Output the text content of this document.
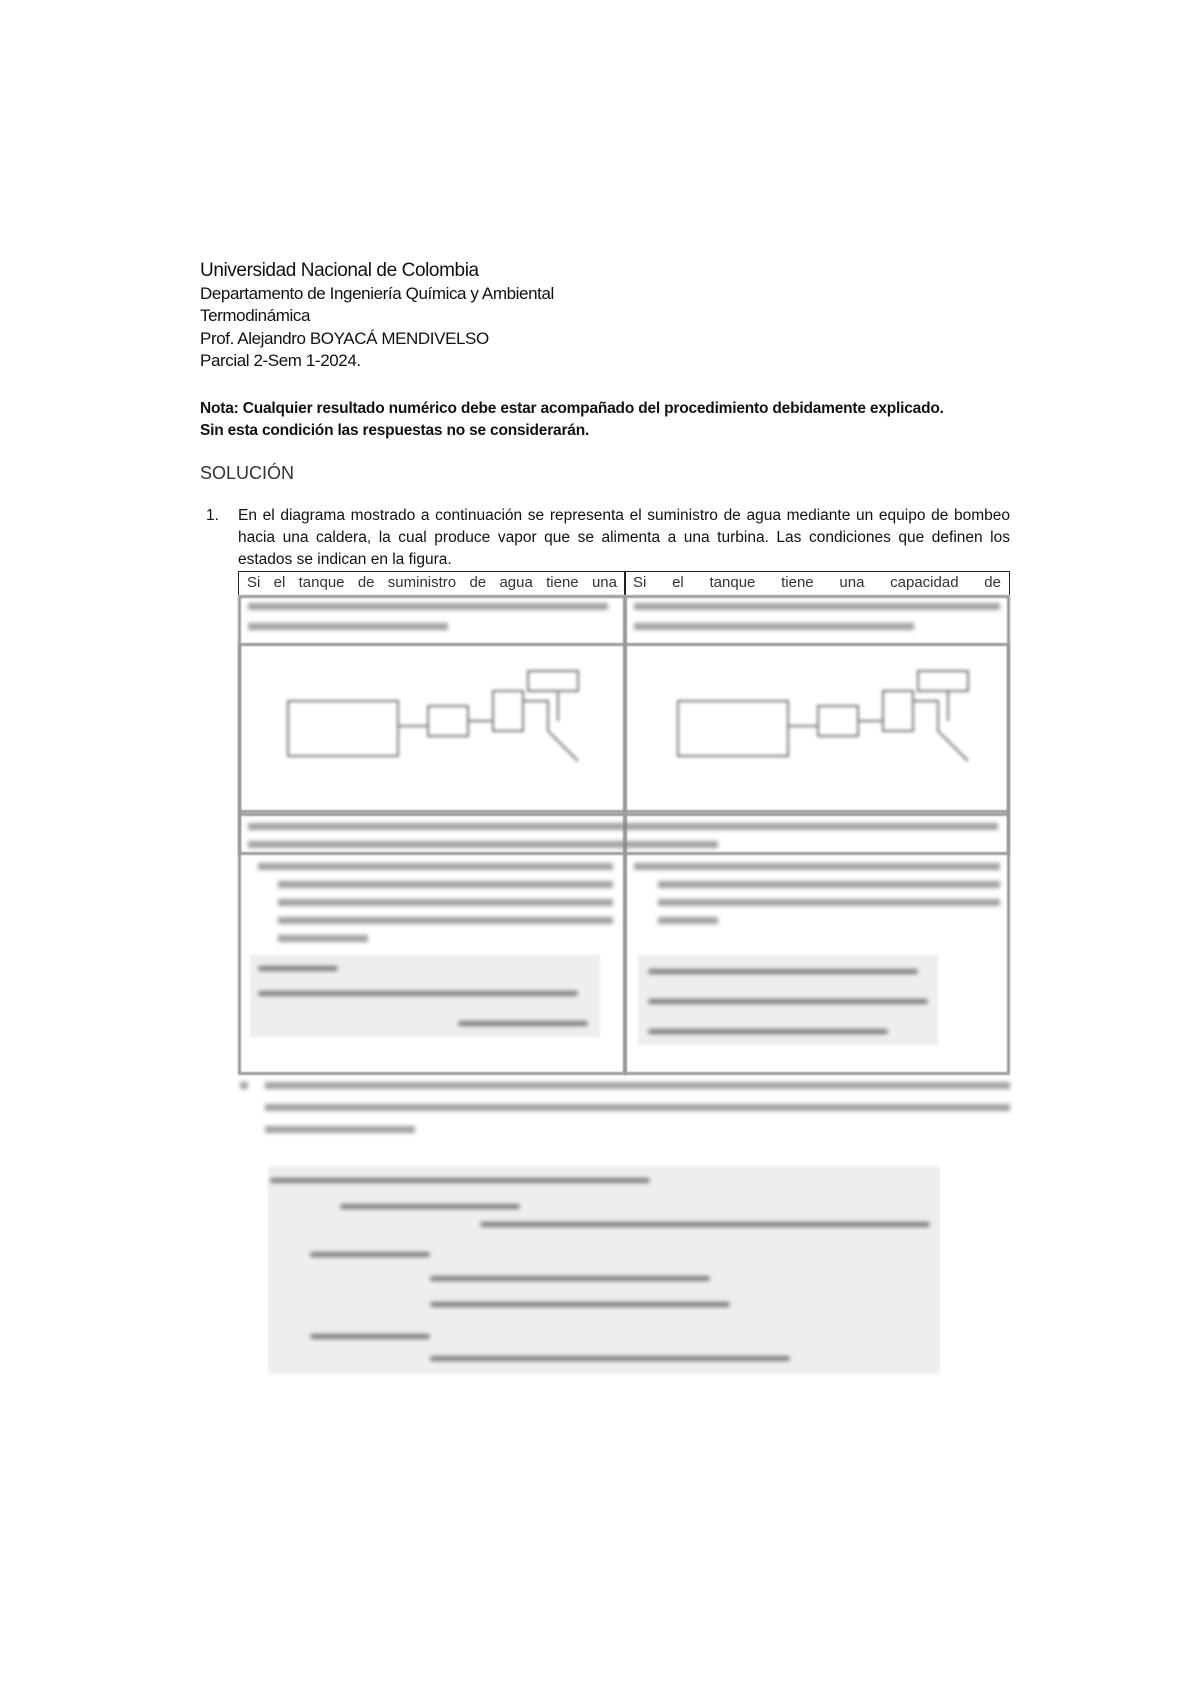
Universidad Nacional de Colombia
Departamento de Ingeniería Química y Ambiental
Termodinámica
Prof. Alejandro BOYACÁ MENDIVELSO
Parcial 2-Sem 1-2024.
Nota: Cualquier resultado numérico debe estar acompañado del procedimiento debidamente explicado.
Sin esta condición las respuestas no se considerarán.
SOLUCIÓN
1. En el diagrama mostrado a continuación se representa el suministro de agua mediante un equipo de bombeo hacia una caldera, la cual produce vapor que se alimenta a una turbina. Las condiciones que definen los estados se indican en la figura.
Si el tanque de suministro de agua tiene una Si el tanque tiene una capacidad de
